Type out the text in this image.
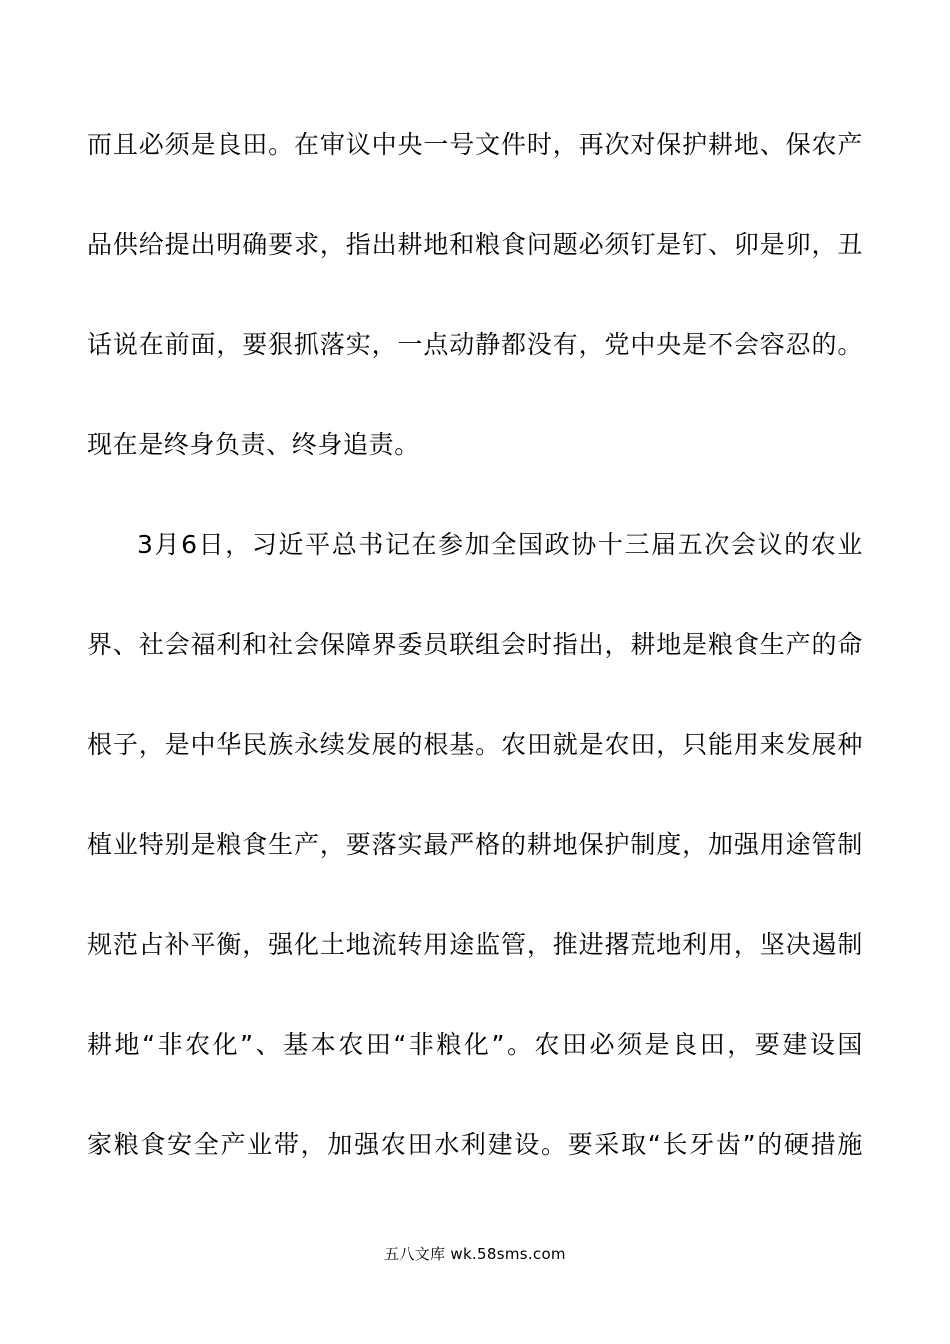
而且必须是良田。在审议中央一号文件时，再次对保护耕地、保农产
品供给提出明确要求，指出耕地和粮食问题必须钉是钉、卯是卯，丑
话说在前面，要狠抓落实，一点动静都没有，党中央是不会容忍的。
现在是终身负责、终身追责。
3月6日，习近平总书记在参加全国政协十三届五次会议的农业
界、社会福利和社会保障界委员联组会时指出，耕地是粮食生产的命
根子，是中华民族永续发展的根基。农田就是农田，只能用来发展种
植业特别是粮食生产，要落实最严格的耕地保护制度，加强用途管制
规范占补平衡，强化土地流转用途监管，推进撂荒地利用，坚决遏制
耕地“非农化”、基本农田“非粮化”。农田必须是良田，要建设国
家粮食安全产业带，加强农田水利建设。要采取“长牙齿”的硬措施
五八文库 wk.58sms.com
